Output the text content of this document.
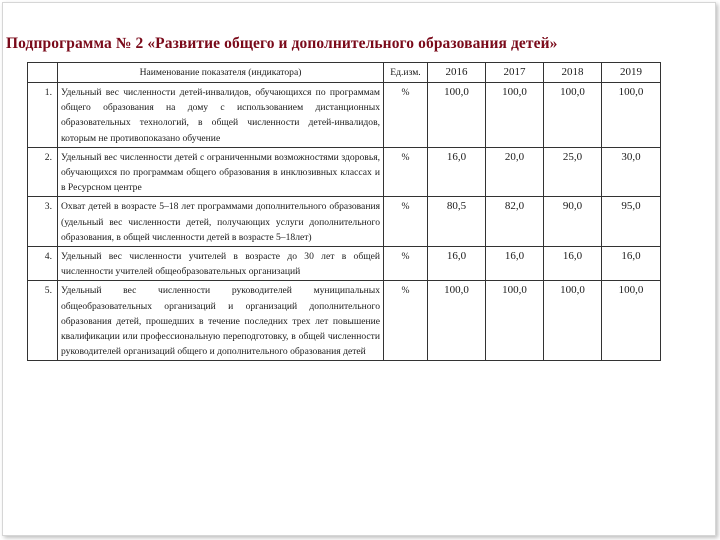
Подпрограмма № 2 «Развитие общего и дополнительного образования детей»
	Наименование показателя (индикатора)	Ед.изм.	2016	2017	2018	2019
1.	Удельный вес численности детей-инвалидов, обучающихся по программам общего образования на дому с использованием дистанционных образовательных технологий, в общей численности детей-инвалидов, которым не противопоказано обучение	%	100,0	100,0	100,0	100,0
2.	Удельный вес численности детей с ограниченными возможностями здоровья, обучающихся по программам общего образования в инклюзивных классах и в Ресурсном центре	%	16,0	20,0	25,0	30,0
3.	Охват детей в возрасте 5–18 лет программами дополнительного образования (удельный вес численности детей, получающих услуги дополнительного образования, в общей численности детей в возрасте 5–18лет)	%	80,5	82,0	90,0	95,0
4.	Удельный вес численности учителей в возрасте до 30 лет в общей численности учителей общеобразовательных организаций	%	16,0	16,0	16,0	16,0
5.	Удельный вес численности руководителей муниципальных общеобразовательных организаций и организаций дополнительного образования детей, прошедших в течение последних трех лет повышение квалификации или профессиональную переподготовку, в общей численности руководителей организаций общего и дополнительного образования детей	%	100,0	100,0	100,0	100,0
